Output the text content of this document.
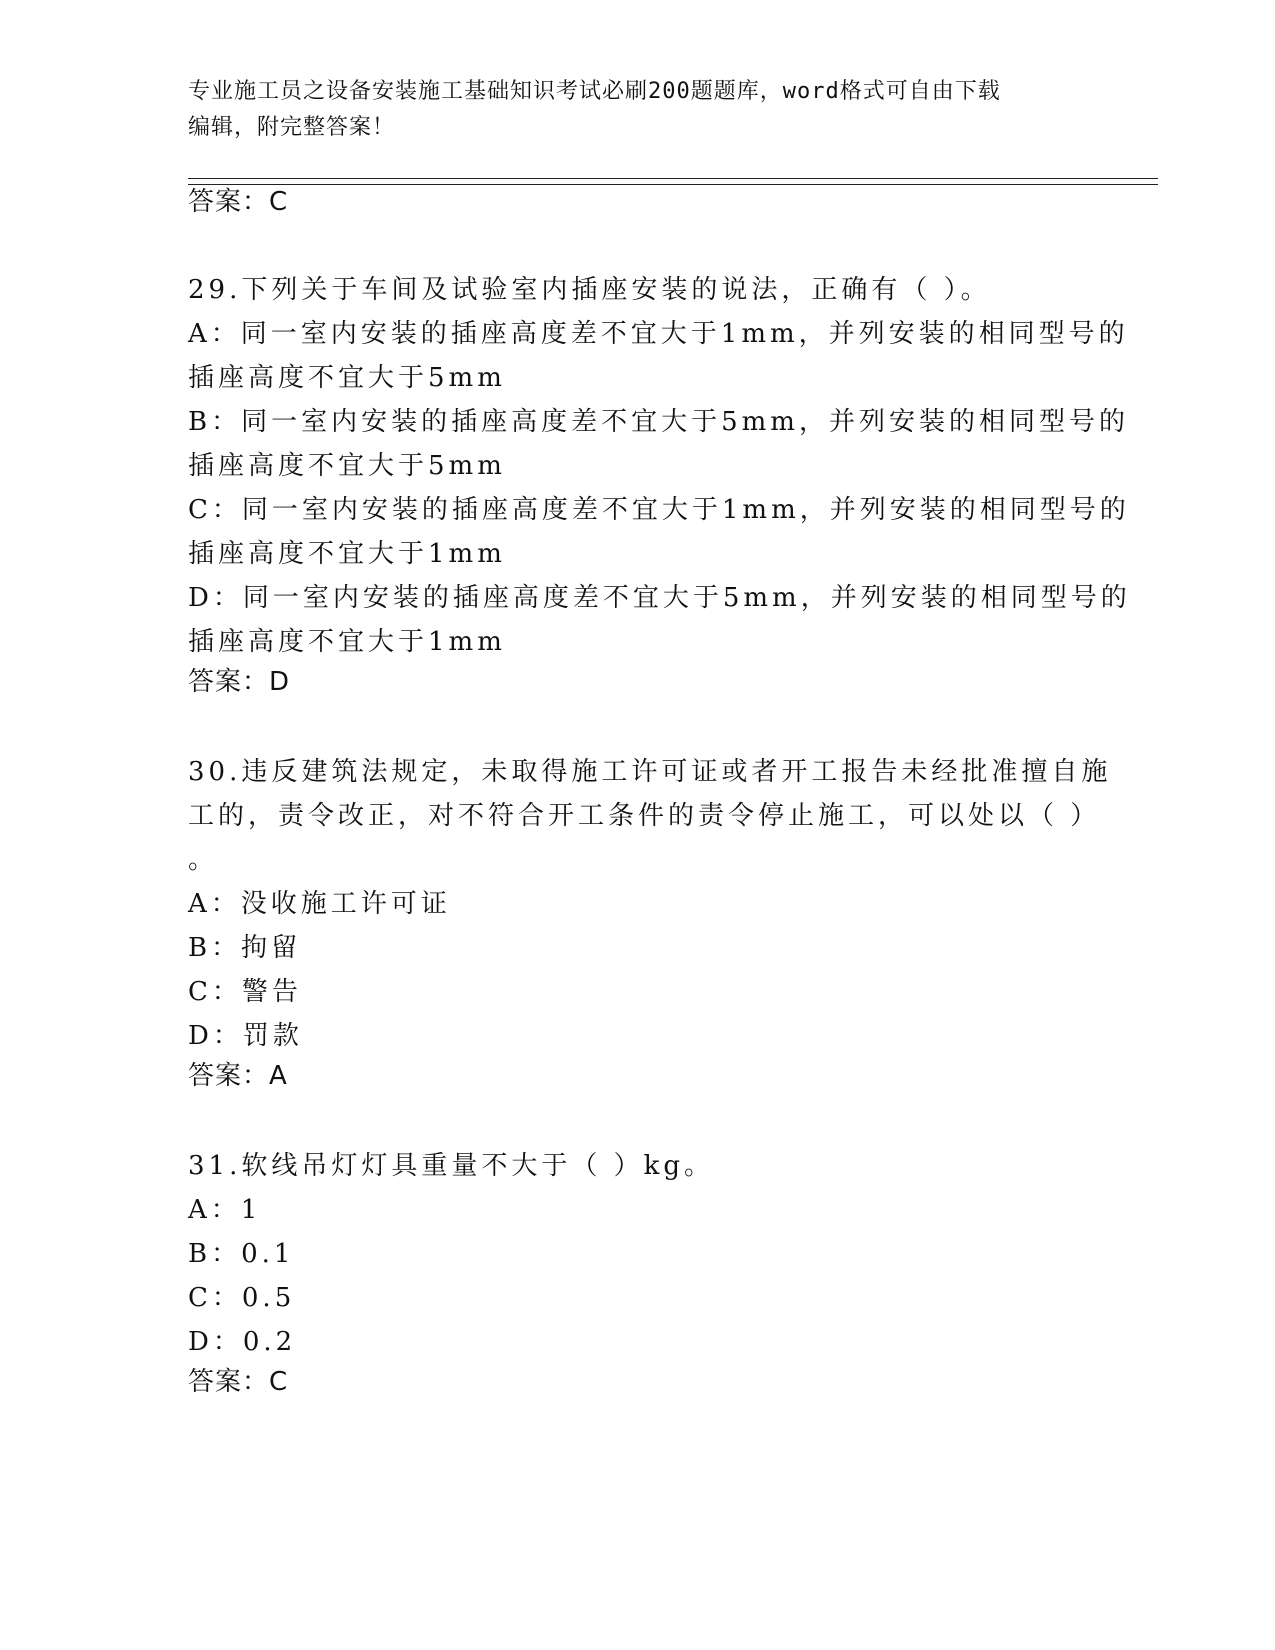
专业施工员之设备安装施工基础知识考试必刷200题题库，word格式可自由下载
编辑，附完整答案！
答案：C
29.下列关于车间及试验室内插座安装的说法，正确有（ ）。
A：同一室内安装的插座高度差不宜大于1mm，并列安装的相同型号的
插座高度不宜大于5mm
B：同一室内安装的插座高度差不宜大于5mm，并列安装的相同型号的
插座高度不宜大于5mm
C：同一室内安装的插座高度差不宜大于1mm，并列安装的相同型号的
插座高度不宜大于1mm
D：同一室内安装的插座高度差不宜大于5mm，并列安装的相同型号的
插座高度不宜大于1mm
答案：D
30.违反建筑法规定，未取得施工许可证或者开工报告未经批准擅自施
工的，责令改正，对不符合开工条件的责令停止施工，可以处以（ ）
。
A：没收施工许可证
B：拘留
C：警告
D：罚款
答案：A
31.软线吊灯灯具重量不大于（ ）kg。
A：1
B：0.1
C：0.5
D：0.2
答案：C
